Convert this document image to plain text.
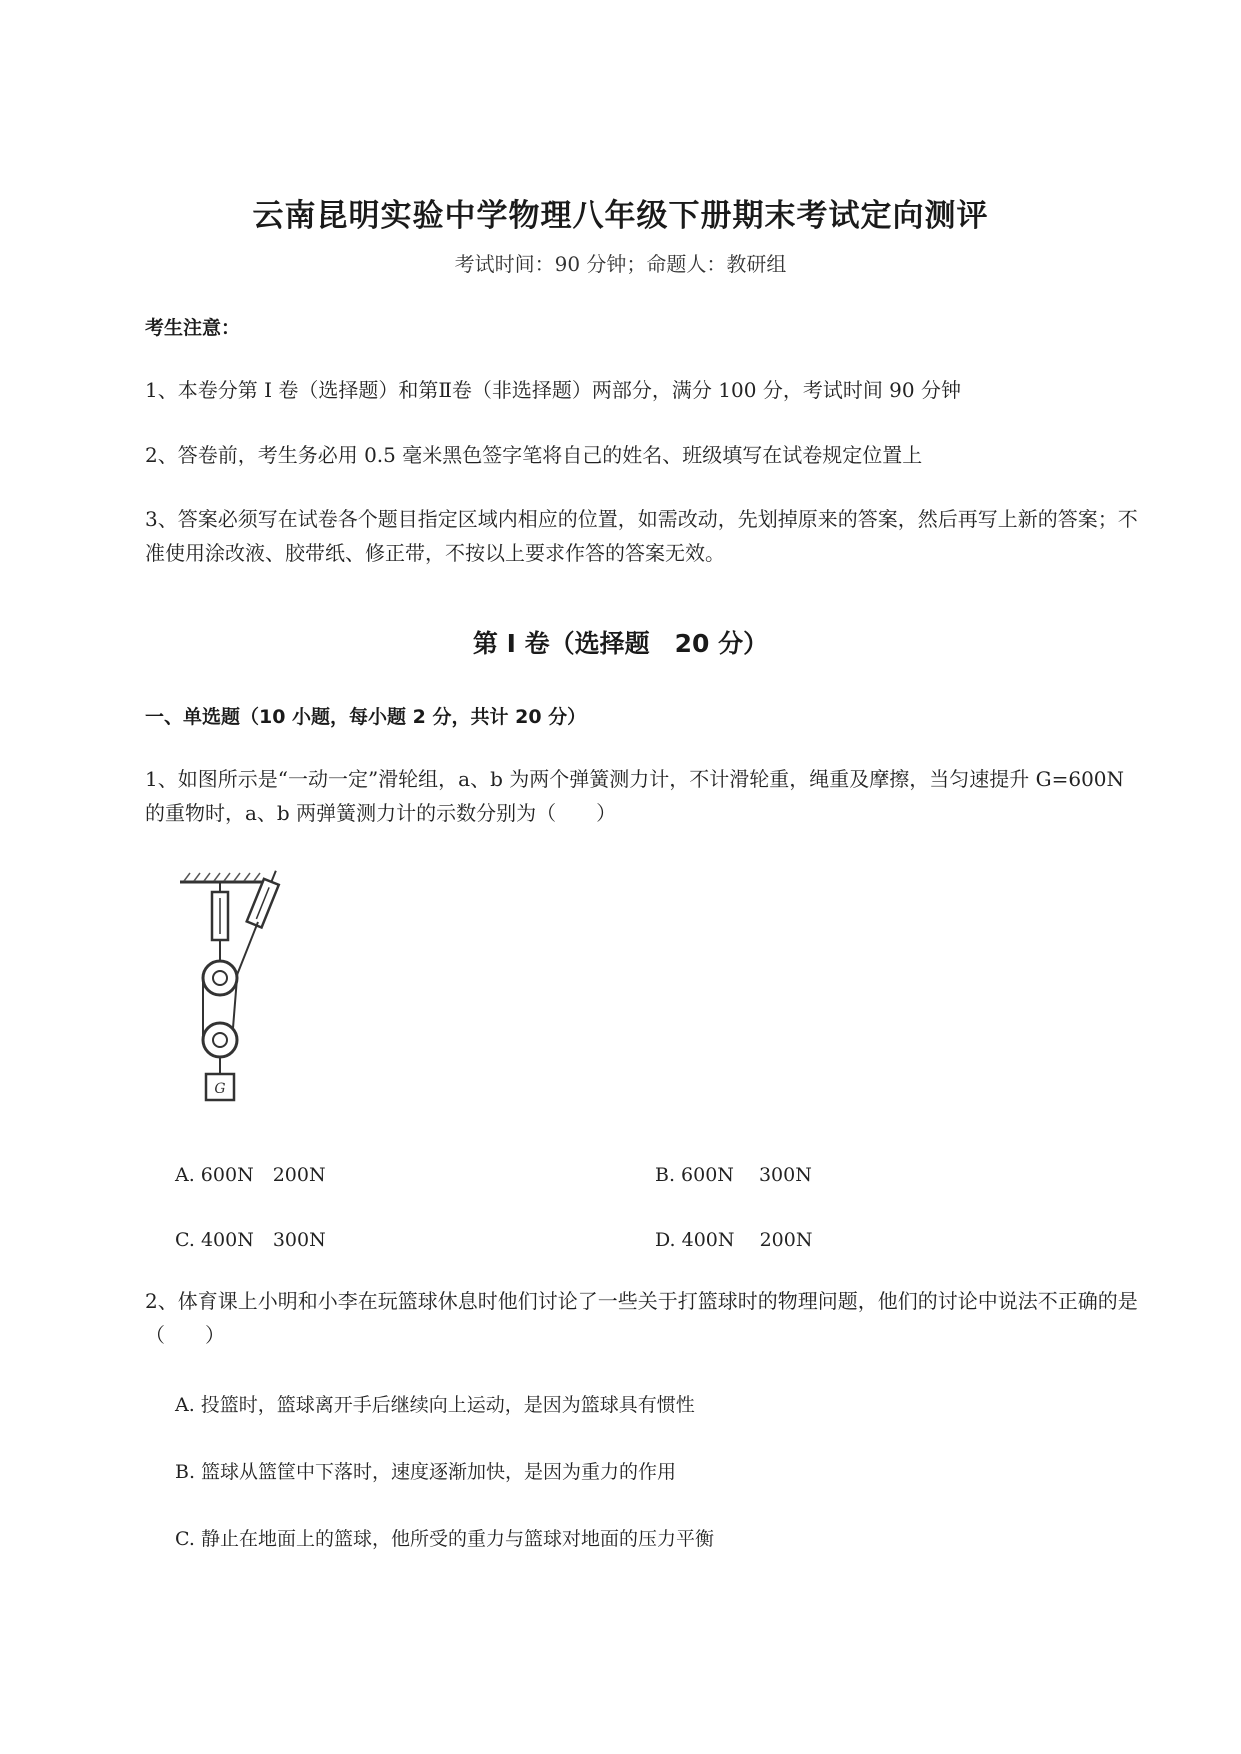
云南昆明实验中学物理八年级下册期末考试定向测评
考试时间：90 分钟；命题人：教研组
考生注意：
1、本卷分第 I 卷（选择题）和第Ⅱ卷（非选择题）两部分，满分 100 分，考试时间 90 分钟
2、答卷前，考生务必用 0.5 毫米黑色签字笔将自己的姓名、班级填写在试卷规定位置上
3、答案必须写在试卷各个题目指定区域内相应的位置，如需改动，先划掉原来的答案，然后再写上新的答案；不准使用涂改液、胶带纸、修正带，不按以上要求作答的答案无效。
第 I 卷（选择题　20 分）
一、单选题（10 小题，每小题 2 分，共计 20 分）
1、如图所示是“一动一定”滑轮组，a、b 为两个弹簧测力计，不计滑轮重，绳重及摩擦，当匀速提升 G=600N 的重物时，a、b 两弹簧测力计的示数分别为（　　）
G
A. 600N　200N	B. 600N　 300N
C. 400N　300N	D. 400N　 200N
2、体育课上小明和小李在玩篮球休息时他们讨论了一些关于打篮球时的物理问题，他们的讨论中说法不正确的是（　　）
A. 投篮时，篮球离开手后继续向上运动，是因为篮球具有惯性
B. 篮球从篮筐中下落时，速度逐渐加快，是因为重力的作用
C. 静止在地面上的篮球，他所受的重力与篮球对地面的压力平衡
